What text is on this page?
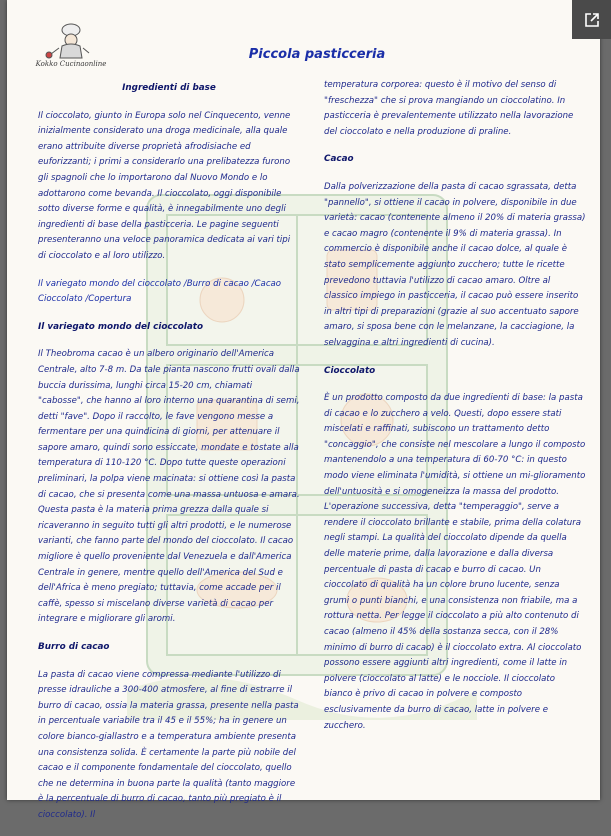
Kokko Cucinaonline
Piccola pasticceria
Ingredienti di base

Il cioccolato, giunto in Europa solo nel Cinquecento, venne inizialmente considerato una droga medicinale, alla quale erano attribuite diverse proprietà afrodisiache ed euforizzanti; i primi a considerarlo una prelibatezza furono gli spagnoli che lo importarono dal Nuovo Mondo e lo adottarono come bevanda. Il cioccolato, oggi disponibile sotto diverse forme e qualità, è innegabilmente uno degli ingredienti di base della pasticceria. Le pagine seguenti presenteranno una veloce panoramica dedicata ai vari tipi di cioccolato e al loro utilizzo.

Il variegato mondo del cioccolato /Burro di cacao /Cacao Cioccolato /Copertura

Il variegato mondo del cioccolato

Il Theobroma cacao è un albero originario dell'America Centrale, alto 7-8 m. Da tale pianta nascono frutti ovali dalla buccia durissima, lunghi circa 15-20 cm, chiamati "cabosse", che hanno al loro interno una quarantina di semi, detti "fave". Dopo il raccolto, le fave vengono messe a fermentare per una quindicina di giorni, per attenuare il sapore amaro, quindi sono essiccate, mondate e tostate alla temperatura di 110-120 °C. Dopo tutte queste operazioni preliminari, la polpa viene macinata: si ottiene così la pasta di cacao, che si presenta come una massa untuosa e amara. Questa pasta è la materia prima grezza dalla quale si ricaveranno in seguito tutti gli altri prodotti, e le numerose varianti, che fanno parte del mondo del cioccolato. Il cacao migliore è quello proveniente dal Venezuela e dall'America Centrale in genere, mentre quello dell'America del Sud e dell'Africa è meno pregiato; tuttavia, come accade per il caffè, spesso si miscelano diverse varietà di cacao per integrare e migliorare gli aromi.

Burro di cacao

La pasta di cacao viene compressa mediante l'utilizzo di presse idrauliche a 300-400 atmosfere, al fine di estrarre il burro di cacao, ossia la materia grassa, presente nella pasta in percentuale variabile tra il 45 e il 55%; ha in genere un colore bianco-giallastro e a temperatura ambiente presenta una consistenza solida. È certamente la parte più nobile del cacao e il componente fondamentale del cioccolato, quello che ne determina in buona parte la qualità (tanto maggiore è la percentuale di burro di cacao, tanto più pregiato è il cioccolato). Il

temperatura corporea: questo è il motivo del senso di "freschezza" che si prova mangiando un cioccolatino. In pasticceria è prevalentemente utilizzato nella lavorazione del cioccolato e nella produzione di praline.

Cacao

Dalla polverizzazione della pasta di cacao sgrassata, detta "pannello", si ottiene il cacao in polvere, disponibile in due varietà: cacao (contenente almeno il 20% di materia grassa) e cacao magro (contenente il 9% di materia grassa). In commercio è disponibile anche il cacao dolce, al quale è stato semplicemente aggiunto zucchero; tutte le ricette prevedono tuttavia l'utilizzo di cacao amaro. Oltre al classico impiego in pasticceria, il cacao può essere inserito in altri tipi di preparazioni (grazie al suo accentuato sapore amaro, si sposa bene con le melanzane, la cacciagione, la selvaggina e altri ingredienti di cucina).

Cioccolato

È un prodotto composto da due ingredienti di base: la pasta di cacao e lo zucchero a velo. Questi, dopo essere stati miscelati e raffinati, subiscono un trattamento detto "concaggio", che consiste nel mescolare a lungo il composto mantenendolo a una temperatura di 60-70 °C: in questo modo viene eliminata l'umidità, si ottiene un mi-glioramento dell'untuosità e si omogeneizza la massa del prodotto. L'operazione successiva, detta "temperaggio", serve a rendere il cioccolato brillante e stabile, prima della colatura negli stampi. La qualità del cioccolato dipende da quella delle materie prime, dalla lavorazione e dalla diversa percentuale di pasta di cacao e burro di cacao. Un cioccolato di qualità ha un colore bruno lucente, senza grumi o punti bianchi, e una consistenza non friabile, ma a rottura netta. Per legge il cioccolato a più alto contenuto di cacao (almeno il 45% della sostanza secca, con il 28% minimo di burro di cacao) è il cioccolato extra. Al cioccolato possono essere aggiunti altri ingredienti, come il latte in polvere (cioccolato al latte) e le nocciole. Il cioccolato bianco è privo di cacao in polvere e composto esclusivamente da burro di cacao, latte in polvere e zucchero.
